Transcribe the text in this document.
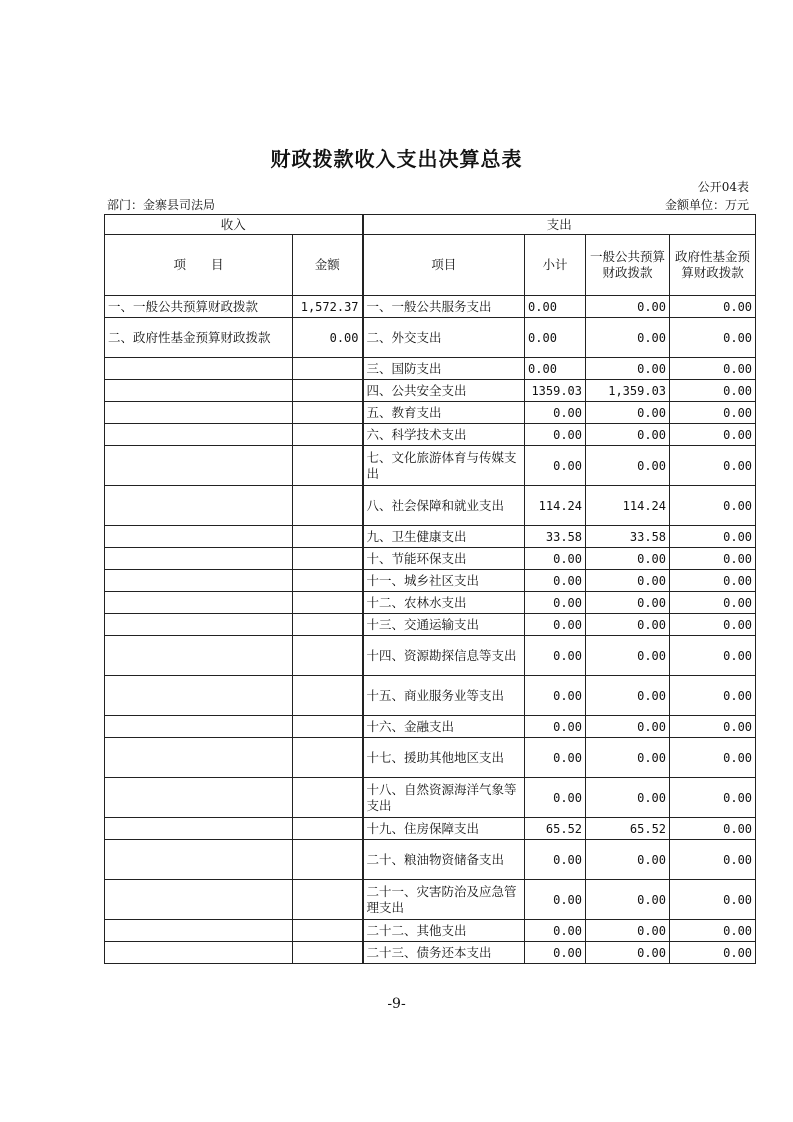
财政拨款收入支出决算总表
公开04表
部门：金寨县司法局	金额单位：万元
收入		支出			
项　　目	金额	项目	小计	一般公共预算财政拨款	政府性基金预算财政拨款
一、一般公共预算财政拨款	1,572.37	一、一般公共服务支出	0.00	0.00	0.00
二、政府性基金预算财政拨款	0.00	二、外交支出	0.00	0.00	0.00
		三、国防支出	0.00	0.00	0.00
		四、公共安全支出	1359.03	1,359.03	0.00
		五、教育支出	0.00	0.00	0.00
		六、科学技术支出	0.00	0.00	0.00
		七、文化旅游体育与传媒支出	0.00	0.00	0.00
		八、社会保障和就业支出	114.24	114.24	0.00
		九、卫生健康支出	33.58	33.58	0.00
		十、节能环保支出	0.00	0.00	0.00
		十一、城乡社区支出	0.00	0.00	0.00
		十二、农林水支出	0.00	0.00	0.00
		十三、交通运输支出	0.00	0.00	0.00
		十四、资源勘探信息等支出	0.00	0.00	0.00
		十五、商业服务业等支出	0.00	0.00	0.00
		十六、金融支出	0.00	0.00	0.00
		十七、援助其他地区支出	0.00	0.00	0.00
		十八、自然资源海洋气象等支出	0.00	0.00	0.00
		十九、住房保障支出	65.52	65.52	0.00
		二十、粮油物资储备支出	0.00	0.00	0.00
		二十一、灾害防治及应急管理支出	0.00	0.00	0.00
		二十二、其他支出	0.00	0.00	0.00
		二十三、债务还本支出	0.00	0.00	0.00
-9-
